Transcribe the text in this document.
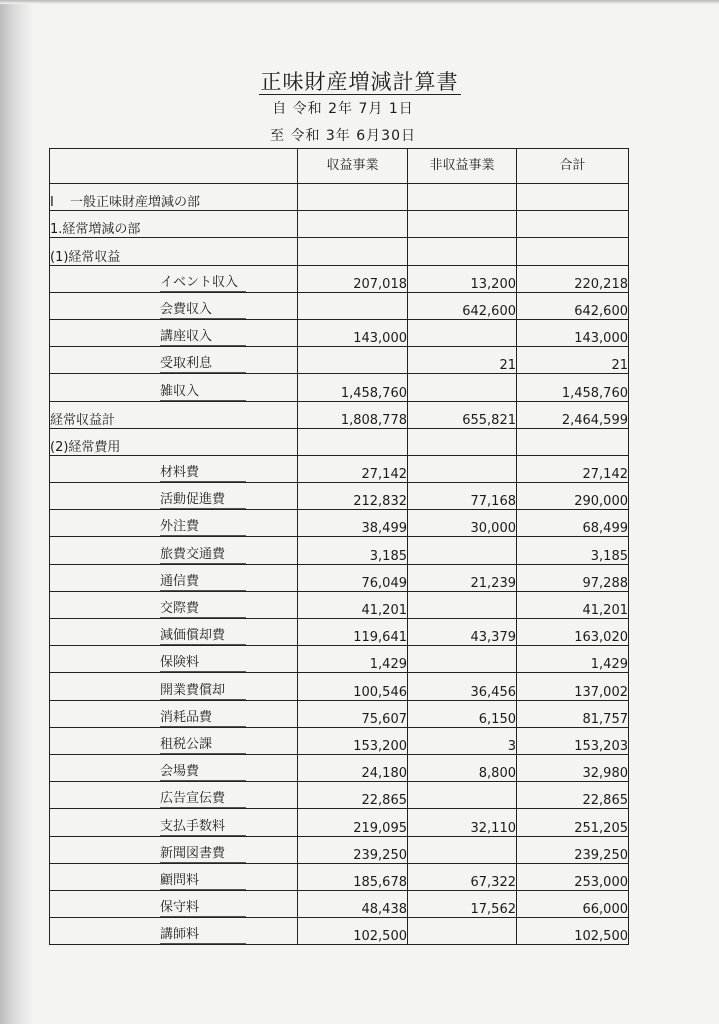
正味財産増減計算書
自 令和 2年 7月 1日
至 令和 3年 6月30日
	収益事業	非収益事業	合計
Ⅰ 一般正味財産増減の部			
1.経常増減の部			
(1)経常収益			
イベント収入	207,018	13,200	220,218
会費収入		642,600	642,600
講座収入	143,000		143,000
受取利息		21	21
雑収入	1,458,760		1,458,760
経常収益計	1,808,778	655,821	2,464,599
(2)経常費用			
材料費	27,142		27,142
活動促進費	212,832	77,168	290,000
外注費	38,499	30,000	68,499
旅費交通費	3,185		3,185
通信費	76,049	21,239	97,288
交際費	41,201		41,201
減価償却費	119,641	43,379	163,020
保険料	1,429		1,429
開業費償却	100,546	36,456	137,002
消耗品費	75,607	6,150	81,757
租税公課	153,200	3	153,203
会場費	24,180	8,800	32,980
広告宣伝費	22,865		22,865
支払手数料	219,095	32,110	251,205
新聞図書費	239,250		239,250
顧問料	185,678	67,322	253,000
保守料	48,438	17,562	66,000
講師料	102,500		102,500
